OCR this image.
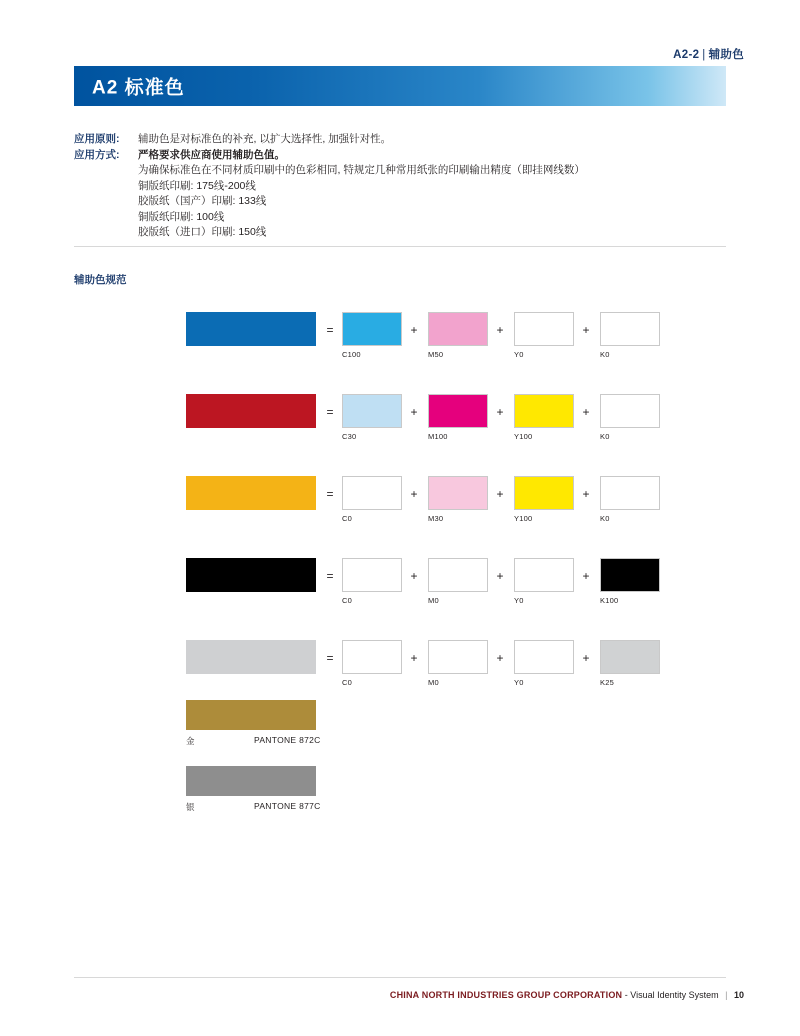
A2-2 | 辅助色
A2 标准色
应用原则:	辅助色是对标准色的补充, 以扩大选择性, 加强针对性。
应用方式:	严格要求供应商使用辅助色值。
为确保标准色在不同材质印刷中的色彩相同, 特规定几种常用纸张的印刷输出精度（即挂网线数）
铜版纸印刷: 175线-200线
胶版纸（国产）印刷: 133线
铜版纸印刷: 100线
胶版纸（进口）印刷: 150线
辅助色规范
=
C100
+
M50
+
Y0
+
K0
=
C30
+
M100
+
Y100
+
K0
=
C0
+
M30
+
Y100
+
K0
=
C0
+
M0
+
Y0
+
K100
=
C0
+
M0
+
Y0
+
K25
金	PANTONE 872C
银	PANTONE 877C
CHINA NORTH INDUSTRIES GROUP CORPORATION - Visual Identity System | 10
